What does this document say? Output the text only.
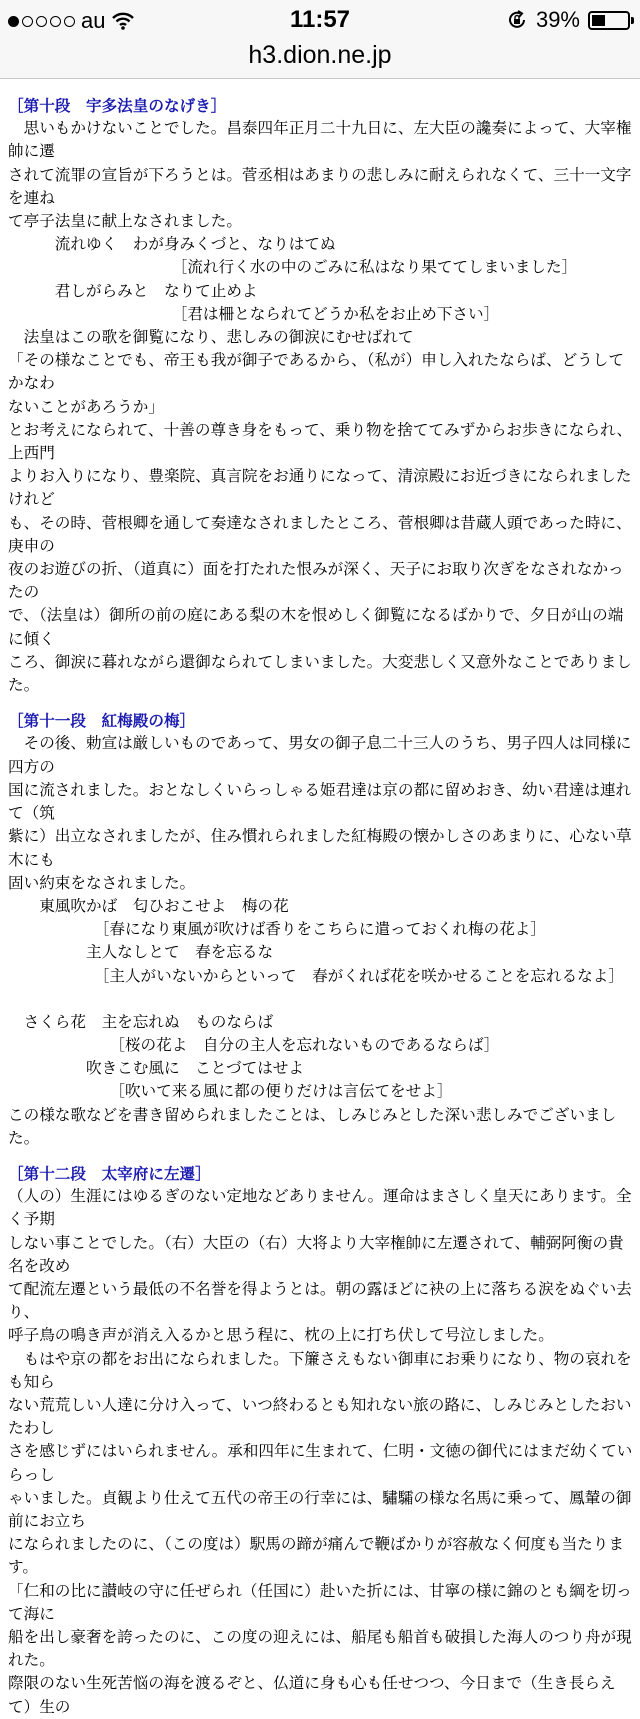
au	11:57	39%
h3.dion.ne.jp

［第十段　宇多法皇のなげき］

　思いもかけないことでした。昌泰四年正月二十九日に、左大臣の讒奏によって、大宰権帥に遷

されて流罪の宣旨が下ろうとは。菅丞相はあまりの悲しみに耐えられなくて、三十一文字を連ね

て亭子法皇に献上なされました。

　　　流れゆく　わが身みくづと、なりはてぬ

　　　　　　　　　　　［流れ行く水の中のごみに私はなり果ててしまいました］

　　　君しがらみと　なりて止めよ

　　　　　　　　　　　［君は柵となられてどうか私をお止め下さい］

　法皇はこの歌を御覧になり、悲しみの御涙にむせばれて

「その様なことでも、帝王も我が御子であるから、（私が）申し入れたならば、どうしてかなわ

ないことがあろうか」

とお考えになられて、十善の尊き身をもって、乗り物を捨ててみずからお歩きになられ、上西門

よりお入りになり、豊楽院、真言院をお通りになって、清涼殿にお近づきになられましたけれど

も、その時、菅根卿を通して奏達なされましたところ、菅根卿は昔蔵人頭であった時に、庚申の

夜のお遊びの折、（道真に）面を打たれた恨みが深く、天子にお取り次ぎをなされなかったの

で、（法皇は）御所の前の庭にある梨の木を恨めしく御覧になるばかりで、夕日が山の端に傾く

ころ、御涙に暮れながら還御なられてしまいました。大変悲しく又意外なことでありました。

［第十一段　紅梅殿の梅］

　その後、勅宣は厳しいものであって、男女の御子息二十三人のうち、男子四人は同様に四方の

国に流されました。おとなしくいらっしゃる姫君達は京の都に留めおき、幼い君達は連れて（筑

紫に）出立なされましたが、住み慣れられました紅梅殿の懐かしさのあまりに、心ない草木にも

固い約束をなされました。

　　東風吹かば　匂ひおこせよ　梅の花

　　　　　　［春になり東風が吹けば香りをこちらに遣っておくれ梅の花よ］

　　　　　主人なしとて　春を忘るな

　　　　　　［主人がいないからといって　春がくれば花を咲かせることを忘れるなよ］

　さくら花　主を忘れぬ　ものならば

　　　　　　　［桜の花よ　自分の主人を忘れないものであるならば］

　　　　　吹きこむ風に　ことづてはせよ

　　　　　　　［吹いて来る風に都の便りだけは言伝てをせよ］

この様な歌などを書き留められましたことは、しみじみとした深い悲しみでございました。

［第十二段　太宰府に左遷］

（人の）生涯にはゆるぎのない定地などありません。運命はまさしく皇天にあります。全く予期

しない事ことでした。（右）大臣の（右）大将より大宰権帥に左遷されて、輔弼阿衡の貴名を改め

て配流左遷という最低の不名誉を得ようとは。朝の露ほどに袂の上に落ちる涙をぬぐい去り、

呼子鳥の鳴き声が消え入るかと思う程に、枕の上に打ち伏して号泣しました。

　もはや京の都をお出になられました。下簾さえもない御車にお乗りになり、物の哀れをも知ら

ない荒荒しい人達に分け入って、いつ終わるとも知れない旅の路に、しみじみとしたおいたわし

さを感じずにはいられません。承和四年に生まれて、仁明・文徳の御代にはまだ幼くていらっし

ゃいました。貞観より仕えて五代の帝王の行幸には、驌驦の様な名馬に乗って、鳳輦の御前にお立ち

になられましたのに、（この度は）駅馬の蹄が痛んで鞭ばかりが容赦なく何度も当たります。

「仁和の比に讃岐の守に任ぜられ（任国に）赴いた折には、甘寧の様に錦のとも綱を切って海に

船を出し豪奢を誇ったのに、この度の迎えには、船尾も船首も破損した海人のつり舟が現れた。

際限のない生死苦悩の海を渡るぞと、仏道に身も心も任せつつ、今日まで（生き長らえて）生の
